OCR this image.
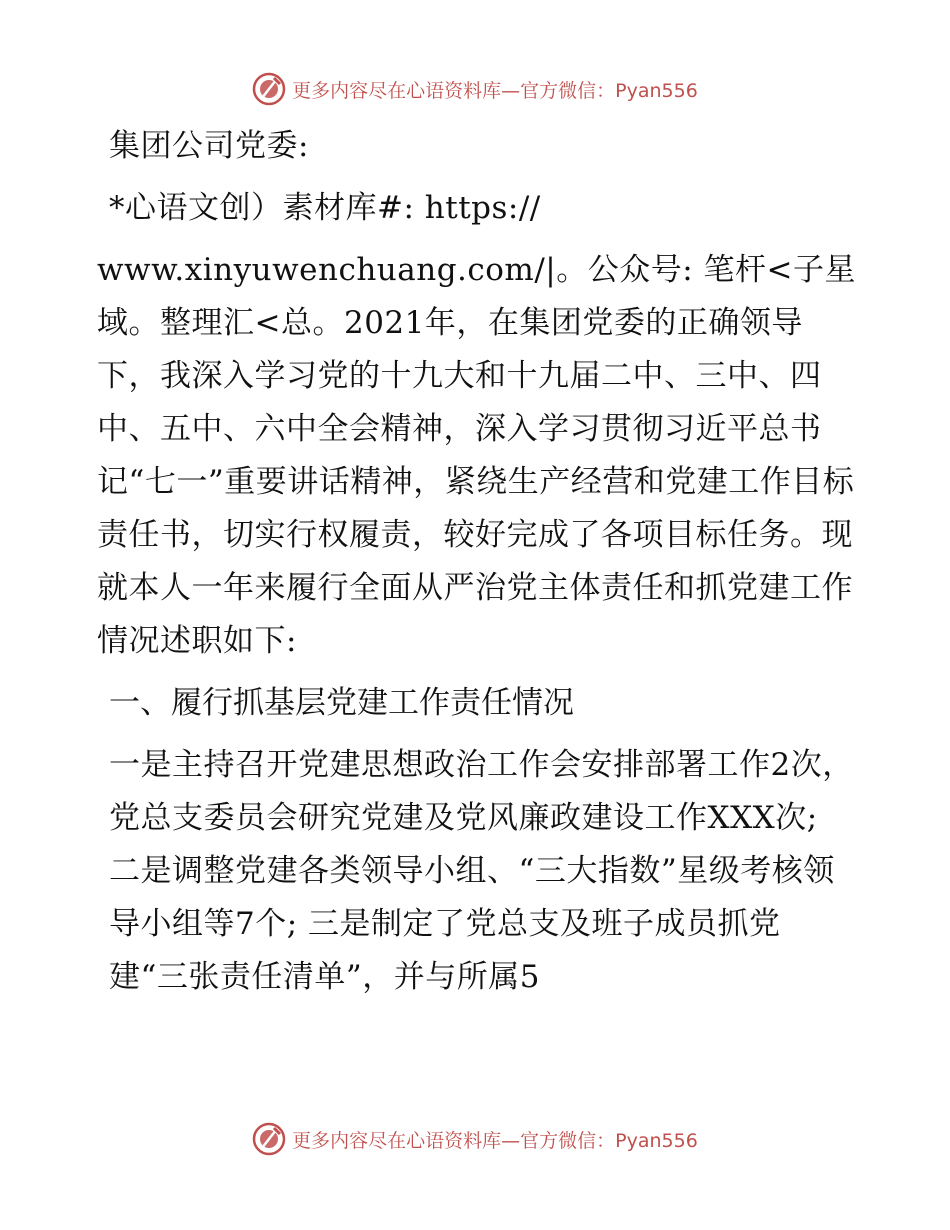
更多内容尽在心语资料库—官方微信：Pyan556

集团公司党委:

*心语文创）素材库#: https://

www.xinyuwenchuang.com/|。公众号: 笔杆<子星域。整理汇<总。2021年，在集团党委的正确领导下，我深入学习党的十九大和十九届二中、三中、四中、五中、六中全会精神，深入学习贯彻习近平总书记“七一”重要讲话精神，紧绕生产经营和党建工作目标责任书，切实行权履责，较好完成了各项目标任务。现就本人一年来履行全面从严治党主体责任和抓党建工作情况述职如下:

一、履行抓基层党建工作责任情况

一是主持召开党建思想政治工作会安排部署工作2次，党总支委员会研究党建及党风廉政建设工作XXX次; 二是调整党建各类领导小组、“三大指数”星级考核领导小组等7个; 三是制定了党总支及班子成员抓党建“三张责任清单”，并与所属5

更多内容尽在心语资料库—官方微信：Pyan556
